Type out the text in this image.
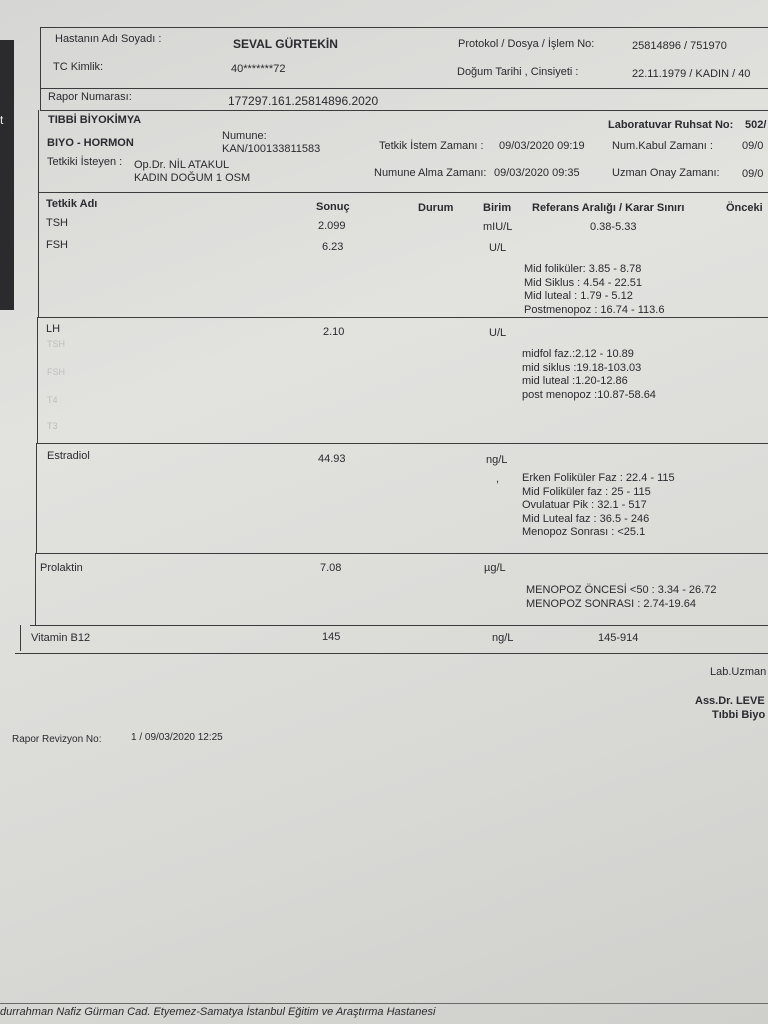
t
Hastanın Adı Soyadı :	SEVAL GÜRTEKİN	Protokol / Dosya / İşlem No:	25814896 / 751970
TC Kimlik:	40*******72	Doğum Tarihi , Cinsiyeti :	22.11.1979 / KADIN / 40
Rapor Numarası:	177297.161.25814896.2020
TIBBİ BİYOKİMYA	Laboratuvar Ruhsat No: 502/
BIYO - HORMON
Numune:
KAN/100133811583	Tetkik İstem Zamanı : 09/03/2020 09:19 Num.Kabul Zamanı :	09/0
Tetkiki İsteyen : Op.Dr. NİL ATAKUL
KADIN DOĞUM 1 OSM	Numune Alma Zamanı: 09/03/2020 09:35	Uzman Onay Zamanı: 09/0
Tetkik Adı	Sonuç	Durum	Birim Referans Aralığı / Karar Sınırı	Önceki
TSH	2.099	mIU/L	0.38-5.33
FSH	6.23	U/L
Mid foliküler: 3.85 - 8.78
Mid Siklus : 4.54 - 22.51
Mid luteal : 1.79 - 5.12
Postmenopoz : 16.74 - 113.6
LH	2.10	U/L
midfol faz.:2.12 - 10.89
mid siklus :19.18-103.03
mid luteal :1.20-12.86
post menopoz :10.87-58.64
Estradiol	44.93	ng/L
, Erken Foliküler Faz : 22.4 - 115
Mid Foliküler faz : 25 - 115
Ovulatuar Pik : 32.1 - 517
Mid Luteal faz : 36.5 - 246
Menopoz Sonrası : <25.1
Prolaktin	7.08	µg/L
MENOPOZ ÖNCESİ <50 : 3.34 - 26.72
MENOPOZ SONRASI : 2.74-19.64
Vitamin B12	145	ng/L	145-914
TSH
FSH
T4
T3
Lab.Uzman
Ass.Dr. LEVE
Tıbbi Biyo
Rapor Revizyon No:	1 / 09/03/2020 12:25
durrahman Nafiz Gürman Cad. Etyemez-Samatya İstanbul Eğitim ve Araştırma Hastanesi
